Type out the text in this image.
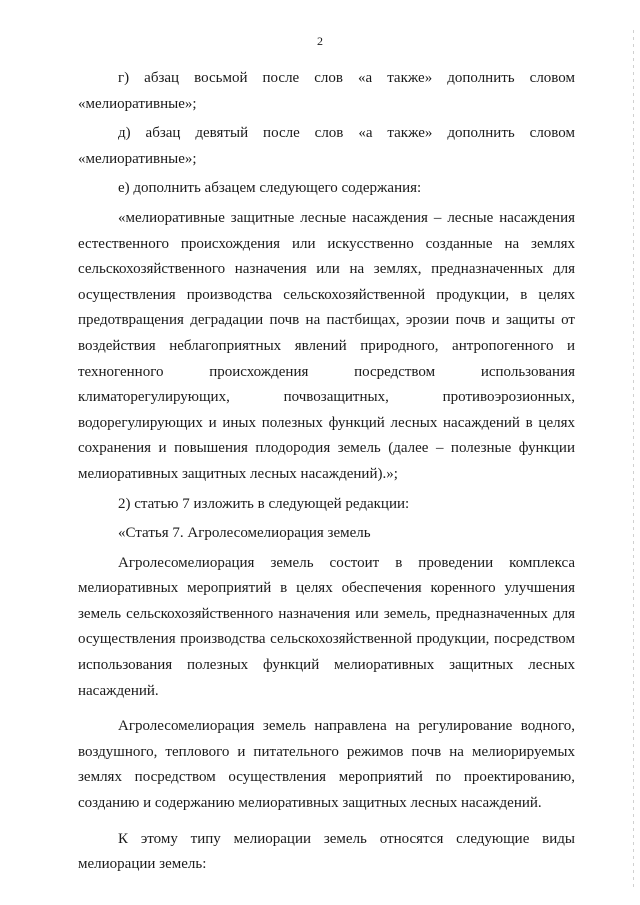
2

г) абзац восьмой после слов «а также» дополнить словом «мелиоративные»;

д) абзац девятый после слов «а также» дополнить словом «мелиоративные»;

е) дополнить абзацем следующего содержания:

«мелиоративные защитные лесные насаждения – лесные насаждения естественного происхождения или искусственно созданные на землях сельскохозяйственного назначения или на землях, предназначенных для осуществления производства сельскохозяйственной продукции, в целях предотвращения деградации почв на пастбищах, эрозии почв и защиты от воздействия неблагоприятных явлений природного, антропогенного и техногенного происхождения посредством использования климаторегулирующих, почвозащитных, противоэрозионных, водорегулирующих и иных полезных функций лесных насаждений в целях сохранения и повышения плодородия земель (далее – полезные функции мелиоративных защитных лесных насаждений).»;

2) статью 7 изложить в следующей редакции:

«Статья 7. Агролесомелиорация земель

Агролесомелиорация земель состоит в проведении комплекса мелиоративных мероприятий в целях обеспечения коренного улучшения земель сельскохозяйственного назначения или земель, предназначенных для осуществления производства сельскохозяйственной продукции, посредством использования полезных функций мелиоративных защитных лесных насаждений.

Агролесомелиорация земель направлена на регулирование водного, воздушного, теплового и питательного режимов почв на мелиорируемых землях посредством осуществления мероприятий по проектированию, созданию и содержанию мелиоративных защитных лесных насаждений.

К этому типу мелиорации земель относятся следующие виды мелиорации земель:
